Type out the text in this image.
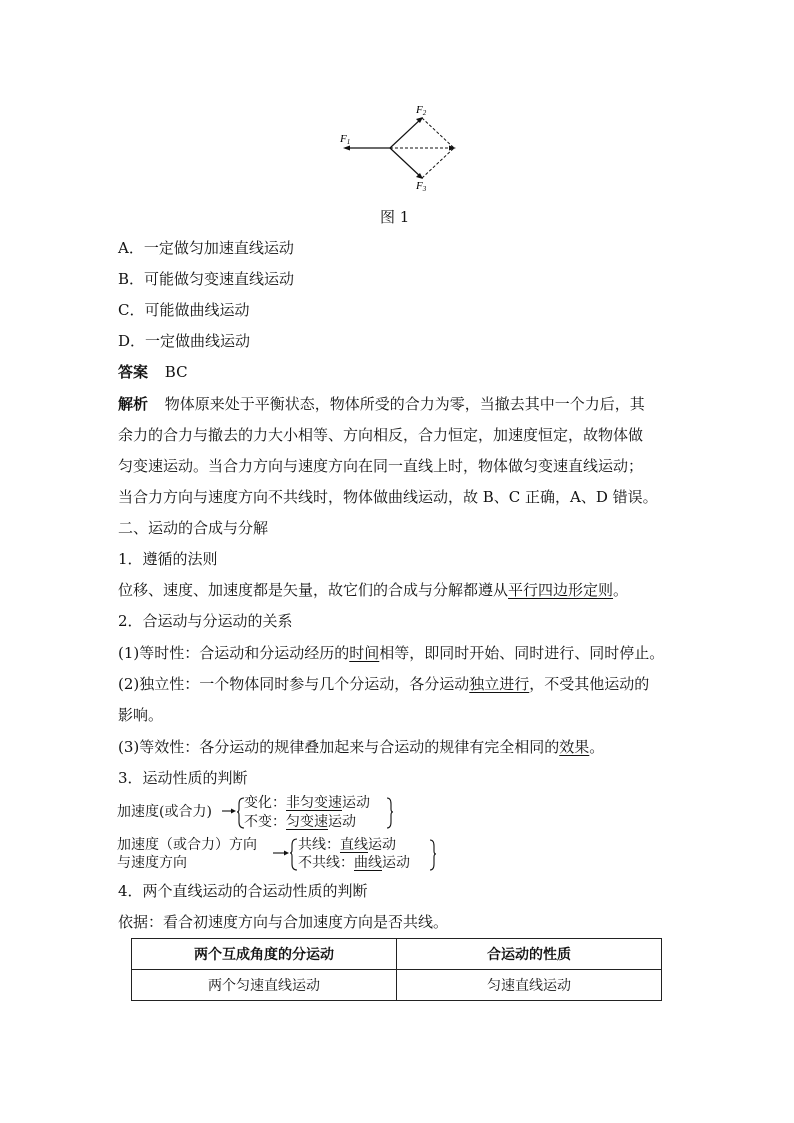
F1
F2
F3
图 1
A．一定做匀加速直线运动
B．可能做匀变速直线运动
C．可能做曲线运动
D．一定做曲线运动
答案 BC
解析 物体原来处于平衡状态，物体所受的合力为零，当撤去其中一个力后，其
余力的合力与撤去的力大小相等、方向相反，合力恒定，加速度恒定，故物体做
匀变速运动。当合力方向与速度方向在同一直线上时，物体做匀变速直线运动；
当合力方向与速度方向不共线时，物体做曲线运动，故 B、C 正确，A、D 错误。
二、运动的合成与分解
1．遵循的法则
位移、速度、加速度都是矢量，故它们的合成与分解都遵从平行四边形定则。
2．合运动与分运动的关系
(1)等时性：合运动和分运动经历的时间相等，即同时开始、同时进行、同时停止。
(2)独立性：一个物体同时参与几个分运动，各分运动独立进行，不受其他运动的
影响。
(3)等效性：各分运动的规律叠加起来与合运动的规律有完全相同的效果。
3．运动性质的判断
加速度(或合力)
变化：非匀变速运动
不变：匀变速运动
加速度（或合力）方向
与速度方向
共线：直线运动
不共线：曲线运动
4．两个直线运动的合运动性质的判断
依据：看合初速度方向与合加速度方向是否共线。
两个互成角度的分运动	合运动的性质
两个匀速直线运动	匀速直线运动
